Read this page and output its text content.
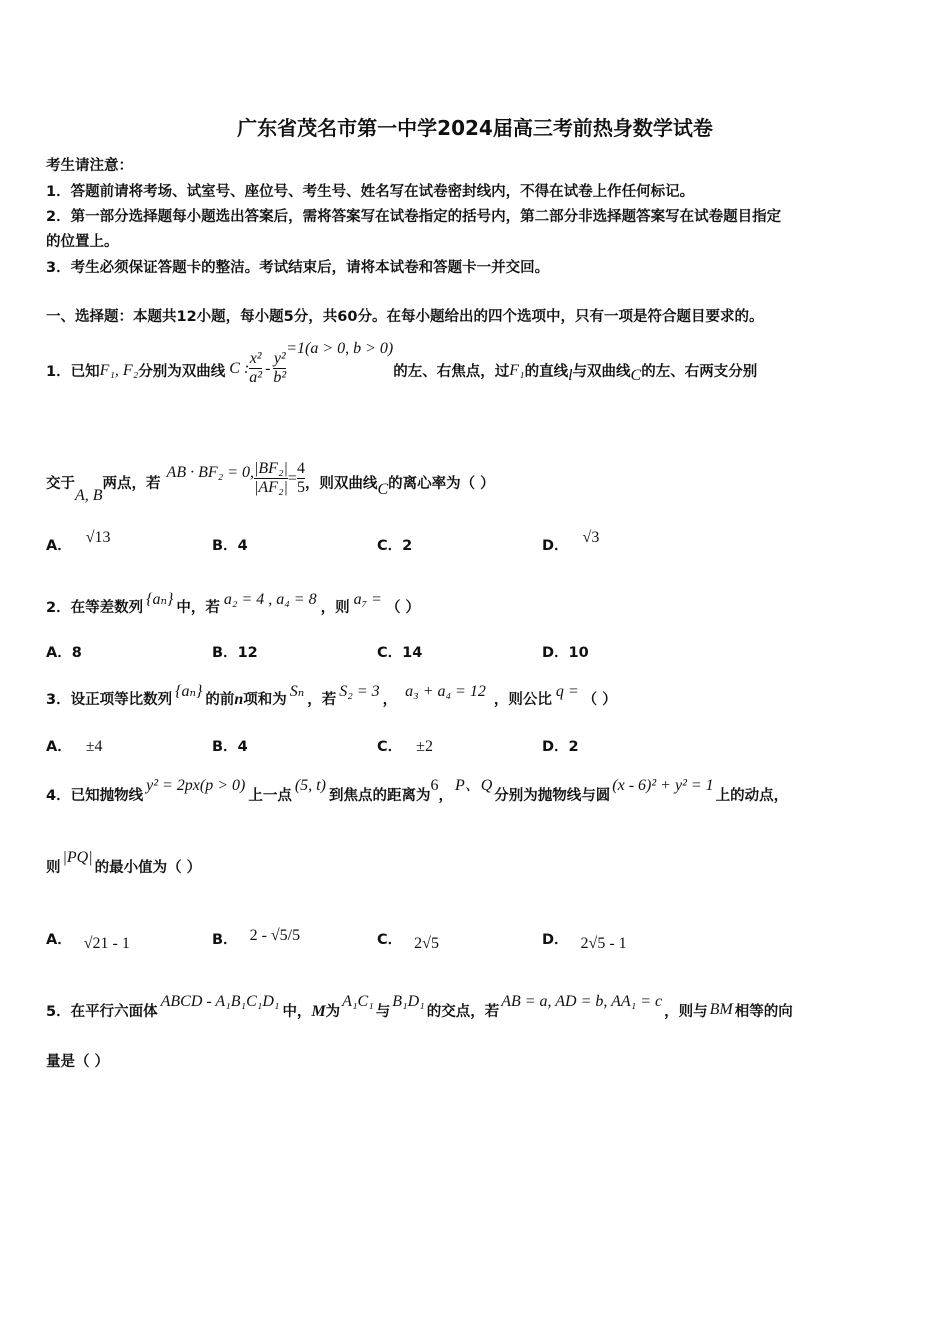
广东省茂名市第一中学2024届高三考前热身数学试卷
考生请注意：
1．答题前请将考场、试室号、座位号、考生号、姓名写在试卷密封线内，不得在试卷上作任何标记。
2．第一部分选择题每小题选出答案后，需将答案写在试卷指定的括号内，第二部分非选择题答案写在试卷题目指定
的位置上。
3．考生必须保证答题卡的整洁。考试结束后，请将本试卷和答题卡一并交回。
一、选择题：本题共12小题，每小题5分，共60分。在每小题给出的四个选项中，只有一项是符合题目要求的。
1．已知F₁, F₂分别为双曲线 C : $\frac{\text{x²}}{\text{a²}} - \frac{\text{y²}}{\text{b²}}$
=1(a > 0, b > 0)的左、右焦点，过F₁的直线l与双曲线C的左、右两支分别
交于A, B两点，若AB · BF₂ = 0, $\frac{\text{|BF₂|}}{\text{|AF₂|}} = \frac{4}{5}$ ，则双曲线C的离心率为（ ）
A． √13	B．4	C．2	D． √3
2．在等差数列 {aₙ} 中，若 a₂ = 4 , a₄ = 8 ，则 a₇ = （ ）
A．8	B．12	C．14	D．10
3．设正项等比数列 {aₙ} 的前n项和为 Sₙ ，若 S₂ = 3 ， a₃ + a₄ = 12 ，则公比 q = （ ）
A． ±4	B．4	C． ±2	D．2
4．已知抛物线y² = 2px(p > 0)上一点(5, t)到焦点的距离为6，P、Q分别为抛物线与圆(x - 6)² + y² = 1上的动点，
则|PQ|的最小值为（ ）
A． √21 - 1	B． 2 - √5/5	C． 2√5	D． 2√5 - 1
5．在平行六面体ABCD - A₁B₁C₁D₁中，M为A₁C₁与B₁D₁的交点，若AB = a, AD = b, AA₁ = c，则与 BM 相等的向
量是（ ）
